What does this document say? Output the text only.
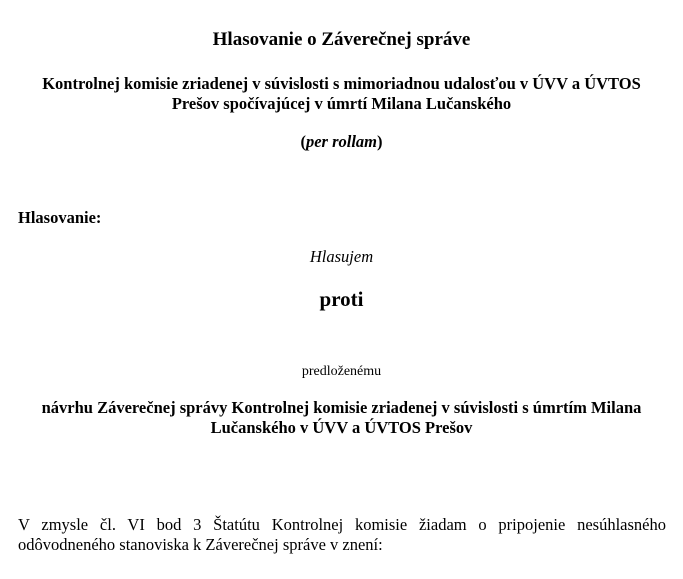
Hlasovanie o Záverečnej správe

Kontrolnej komisie zriadenej v súvislosti s mimoriadnou udalosťou v ÚVV a ÚVTOS

Prešov spočívajúcej v úmrtí Milana Lučanského

(per rollam)

Hlasovanie:

Hlasujem

proti

predloženému

návrhu Záverečnej správy Kontrolnej komisie zriadenej v súvislosti s úmrtím Milana

Lučanského v ÚVV a ÚVTOS Prešov

V zmysle čl. VI bod 3 Štatútu Kontrolnej komisie žiadam o pripojenie nesúhlasného

odôvodneného stanoviska k Záverečnej správe v znení:
